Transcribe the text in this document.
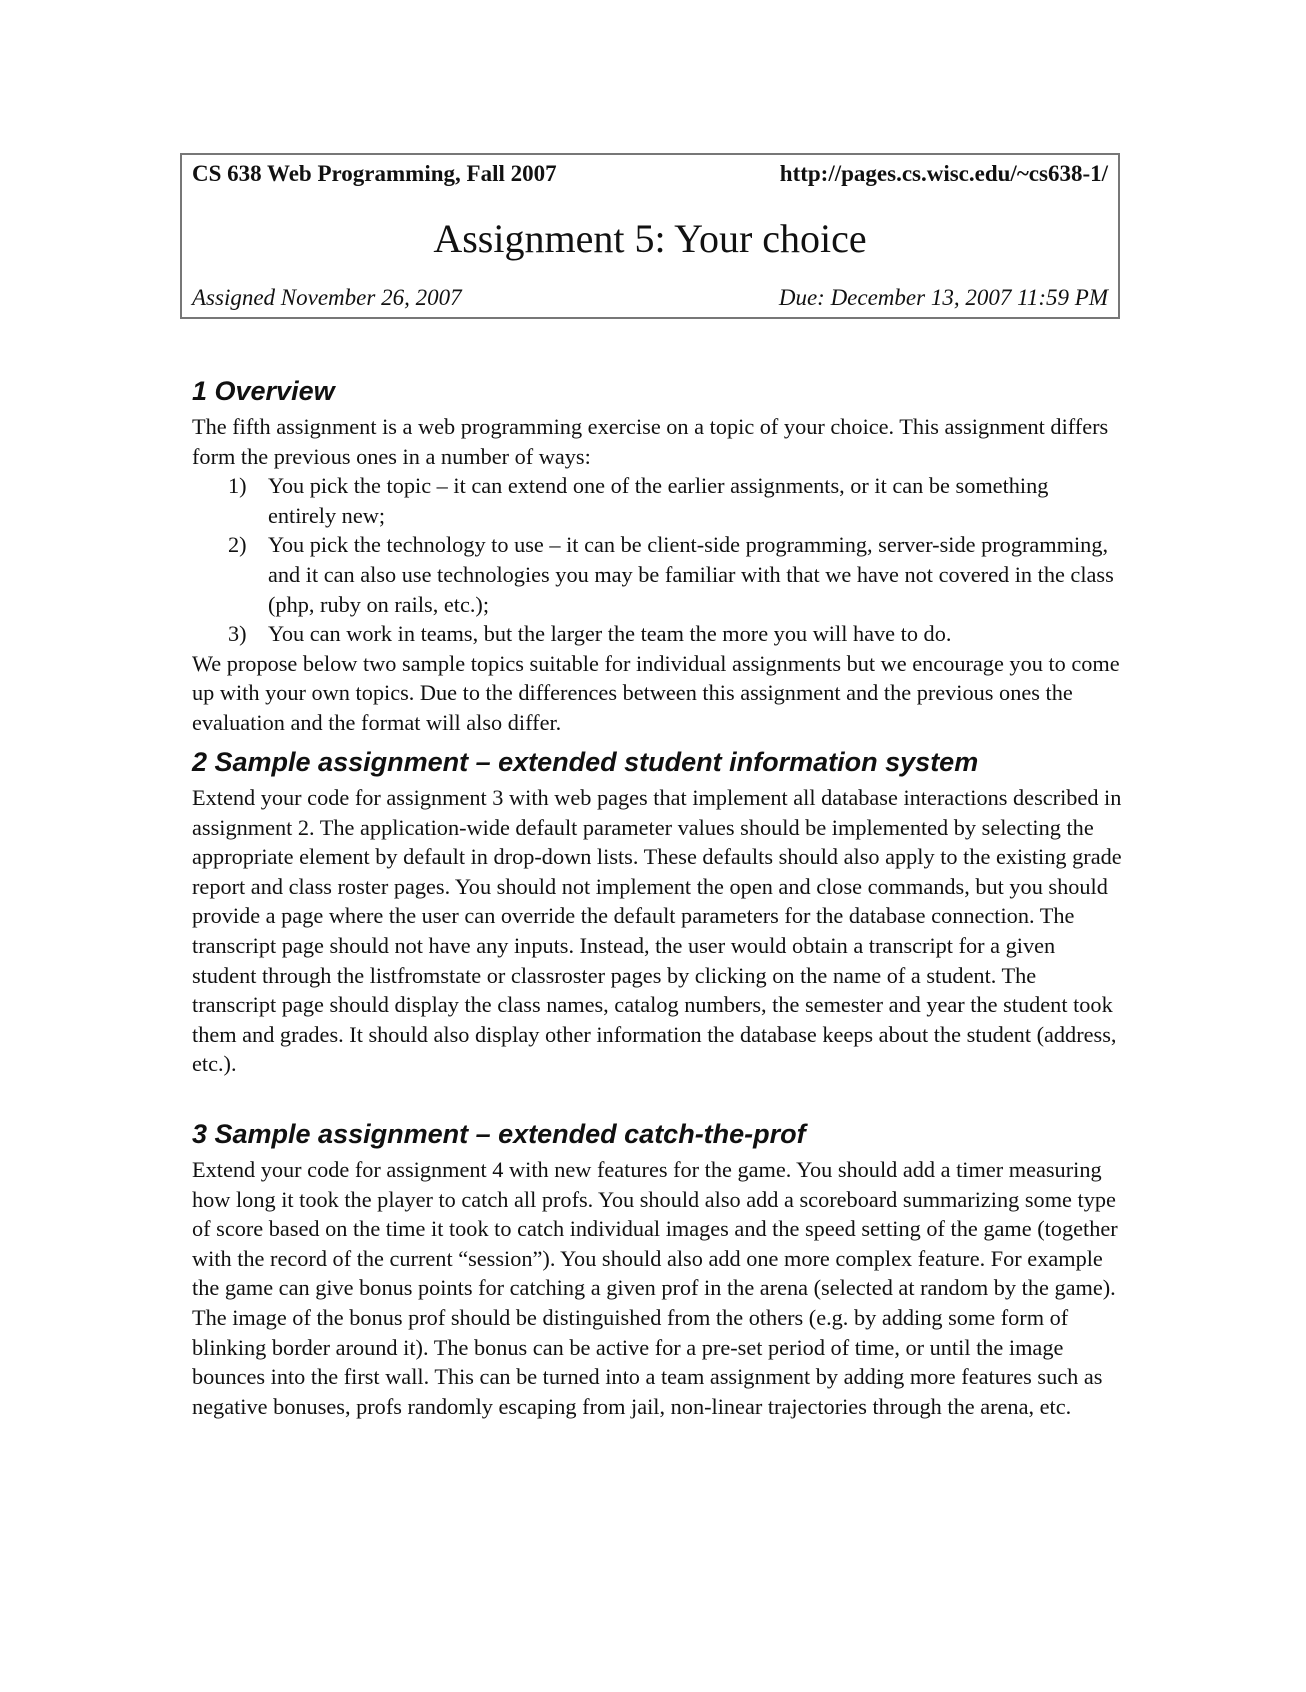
CS 638 Web Programming, Fall 2007	http://pages.cs.wisc.edu/~cs638-1/
Assignment 5: Your choice
Assigned November 26, 2007	Due: December 13, 2007 11:59 PM
1 Overview

The fifth assignment is a web programming exercise on a topic of your choice. This assignment differs form the previous ones in a number of ways:

1) You pick the topic – it can extend one of the earlier assignments, or it can be something entirely new;
2) You pick the technology to use – it can be client-side programming, server-side programming, and it can also use technologies you may be familiar with that we have not covered in the class (php, ruby on rails, etc.);
3) You can work in teams, but the larger the team the more you will have to do.

We propose below two sample topics suitable for individual assignments but we encourage you to come up with your own topics. Due to the differences between this assignment and the previous ones the evaluation and the format will also differ.

2 Sample assignment – extended student information system

Extend your code for assignment 3 with web pages that implement all database interactions described in assignment 2. The application-wide default parameter values should be implemented by selecting the appropriate element by default in drop-down lists. These defaults should also apply to the existing grade report and class roster pages. You should not implement the open and close commands, but you should provide a page where the user can override the default parameters for the database connection. The transcript page should not have any inputs. Instead, the user would obtain a transcript for a given student through the listfromstate or classroster pages by clicking on the name of a student. The transcript page should display the class names, catalog numbers, the semester and year the student took them and grades. It should also display other information the database keeps about the student (address, etc.).

3 Sample assignment – extended catch-the-prof

Extend your code for assignment 4 with new features for the game. You should add a timer measuring how long it took the player to catch all profs. You should also add a scoreboard summarizing some type of score based on the time it took to catch individual images and the speed setting of the game (together with the record of the current “session”). You should also add one more complex feature. For example the game can give bonus points for catching a given prof in the arena (selected at random by the game). The image of the bonus prof should be distinguished from the others (e.g. by adding some form of blinking border around it). The bonus can be active for a pre-set period of time, or until the image bounces into the first wall. This can be turned into a team assignment by adding more features such as negative bonuses, profs randomly escaping from jail, non-linear trajectories through the arena, etc.
